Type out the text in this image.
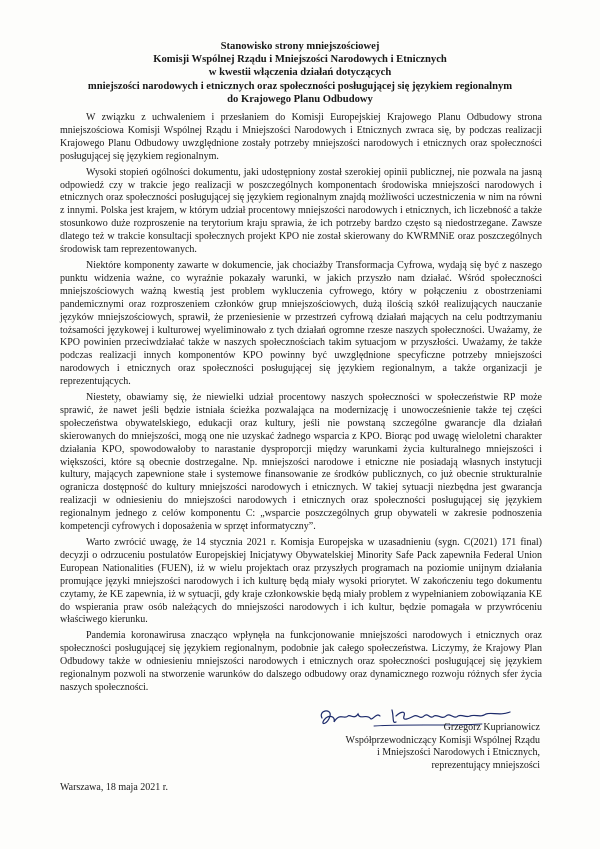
Stanowisko strony mniejszościowej
Komisji Wspólnej Rządu i Mniejszości Narodowych i Etnicznych
w kwestii włączenia działań dotyczących
mniejszości narodowych i etnicznych oraz społeczności posługującej się językiem regionalnym
do Krajowego Planu Odbudowy

W związku z uchwaleniem i przesłaniem do Komisji Europejskiej Krajowego Planu Odbudowy strona mniejszościowa Komisji Wspólnej Rządu i Mniejszości Narodowych i Etnicznych zwraca się, by podczas realizacji Krajowego Planu Odbudowy uwzględnione zostały potrzeby mniejszości narodowych i etnicznych oraz społeczności posługującej się językiem regionalnym.

Wysoki stopień ogólności dokumentu, jaki udostępniony został szerokiej opinii publicznej, nie pozwala na jasną odpowiedź czy w trakcie jego realizacji w poszczególnych komponentach środowiska mniejszości narodowych i etnicznych oraz społeczności posługującej się językiem regionalnym znajdą możliwości uczestniczenia w nim na równi z innymi. Polska jest krajem, w którym udział procentowy mniejszości narodowych i etnicznych, ich liczebność a także stosunkowo duże rozproszenie na terytorium kraju sprawia, że ich potrzeby bardzo często są niedostrzegane. Zawsze dlatego też w trakcie konsultacji społecznych projekt KPO nie został skierowany do KWRMNiE oraz poszczególnych środowisk tam reprezentowanych.

Niektóre komponenty zawarte w dokumencie, jak chociażby Transformacja Cyfrowa, wydają się być z naszego punktu widzenia ważne, co wyraźnie pokazały warunki, w jakich przyszło nam działać. Wśród społeczności mniejszościowych ważną kwestią jest problem wykluczenia cyfrowego, który w połączeniu z obostrzeniami pandemicznymi oraz rozproszeniem członków grup mniejszościowych, dużą ilością szkół realizujących nauczanie języków mniejszościowych, sprawił, że przeniesienie w przestrzeń cyfrową działań mających na celu podtrzymaniu tożsamości językowej i kulturowej wyeliminowało z tych działań ogromne rzesze naszych społeczności. Uważamy, że KPO powinien przeciwdziałać także w naszych społecznościach takim sytuacjom w przyszłości. Uważamy, że także podczas realizacji innych komponentów KPO powinny być uwzględnione specyficzne potrzeby mniejszości narodowych i etnicznych oraz społeczności posługującej się językiem regionalnym, a także organizacji je reprezentujących.

Niestety, obawiamy się, że niewielki udział procentowy naszych społeczności w społeczeństwie RP może sprawić, że nawet jeśli będzie istniała ścieżka pozwalająca na modernizację i unowocześnienie także tej części społeczeństwa obywatelskiego, edukacji oraz kultury, jeśli nie powstaną szczególne gwarancje dla działań skierowanych do mniejszości, mogą one nie uzyskać żadnego wsparcia z KPO. Biorąc pod uwagę wieloletni charakter działania KPO, spowodowałoby to narastanie dysproporcji między warunkami życia kulturalnego mniejszości i większości, które są obecnie dostrzegalne. Np. mniejszości narodowe i etniczne nie posiadają własnych instytucji kultury, mających zapewnione stałe i systemowe finansowanie ze środków publicznych, co już obecnie strukturalnie ogranicza dostępność do kultury mniejszości narodowych i etnicznych. W takiej sytuacji niezbędna jest gwarancja realizacji w odniesieniu do mniejszości narodowych i etnicznych oraz społeczności posługującej się językiem regionalnym jednego z celów komponentu C: „wsparcie poszczególnych grup obywateli w zakresie podnoszenia kompetencji cyfrowych i doposażenia w sprzęt informatyczny”.

Warto zwrócić uwagę, że 14 stycznia 2021 r. Komisja Europejska w uzasadnieniu (sygn. C(2021) 171 final) decyzji o odrzuceniu postulatów Europejskiej Inicjatywy Obywatelskiej Minority Safe Pack zapewniła Federal Union European Nationalities (FUEN), iż w wielu projektach oraz przyszłych programach na poziomie unijnym działania promujące języki mniejszości narodowych i ich kulturę będą miały wysoki priorytet. W zakończeniu tego dokumentu czytamy, że KE zapewnia, iż w sytuacji, gdy kraje członkowskie będą miały problem z wypełnianiem zobowiązania KE do wspierania praw osób należących do mniejszości narodowych i ich kultur, będzie pomagała w przywróceniu właściwego kierunku.

Pandemia koronawirusa znacząco wpłynęła na funkcjonowanie mniejszości narodowych i etnicznych oraz społeczności posługującej się językiem regionalnym, podobnie jak całego społeczeństwa. Liczymy, że Krajowy Plan Odbudowy także w odniesieniu mniejszości narodowych i etnicznych oraz społeczności posługującej się językiem regionalnym pozwoli na stworzenie warunków do dalszego odbudowy oraz dynamicznego rozwoju różnych sfer życia naszych społeczności.

Grzegorz Kuprianowicz
Współprzewodniczący Komisji Wspólnej Rządu
i Mniejszości Narodowych i Etnicznych,
reprezentujący mniejszości
Warszawa, 18 maja 2021 r.
